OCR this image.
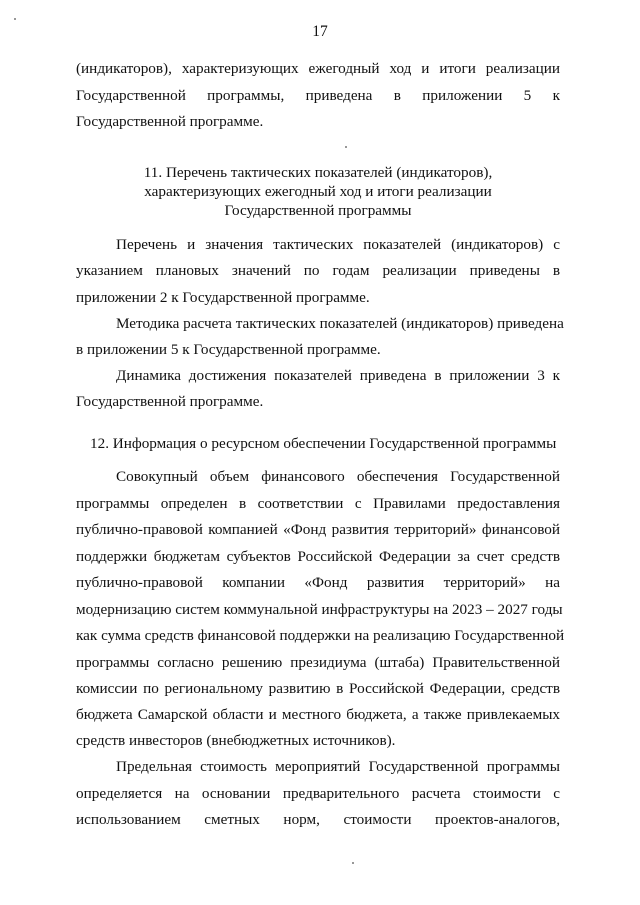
17
(индикаторов), характеризующих ежегодный ход и итоги реализации
Государственной программы, приведена в приложении 5 к
Государственной программе.
11. Перечень тактических показателей (индикаторов),
характеризующих ежегодный ход и итоги реализации
Государственной программы
Перечень и значения тактических показателей (индикаторов) с
указанием плановых значений по годам реализации приведены в
приложении 2 к Государственной программе.
Методика расчета тактических показателей (индикаторов) приведена
в приложении 5 к Государственной программе.
Динамика достижения показателей приведена в приложении 3 к
Государственной программе.
12. Информация о ресурсном обеспечении Государственной программы
Совокупный объем финансового обеспечения Государственной
программы определен в соответствии с Правилами предоставления
публично-правовой компанией «Фонд развития территорий» финансовой
поддержки бюджетам субъектов Российской Федерации за счет средств
публично-правовой компании «Фонд развития территорий» на
модернизацию систем коммунальной инфраструктуры на 2023 – 2027 годы
как сумма средств финансовой поддержки на реализацию Государственной
программы согласно решению президиума (штаба) Правительственной
комиссии по региональному развитию в Российской Федерации, средств
бюджета Самарской области и местного бюджета, а также привлекаемых
средств инвесторов (внебюджетных источников).
Предельная стоимость мероприятий Государственной программы
определяется на основании предварительного расчета стоимости с
использованием сметных норм, стоимости проектов-аналогов,
